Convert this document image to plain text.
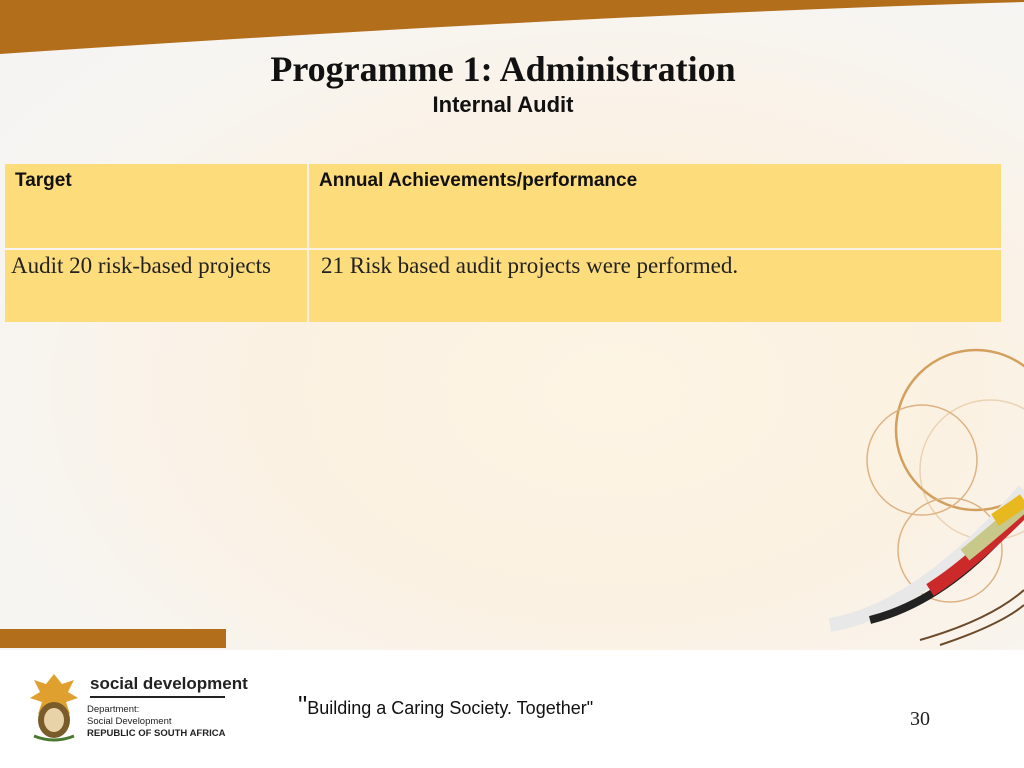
Programme 1: Administration
Internal Audit
Target	Annual Achievements/performance
Audit 20 risk-based projects	21 Risk based audit projects were performed.
social development
Department:
Social Development
REPUBLIC OF SOUTH AFRICA
"Building a Caring Society. Together"	30
